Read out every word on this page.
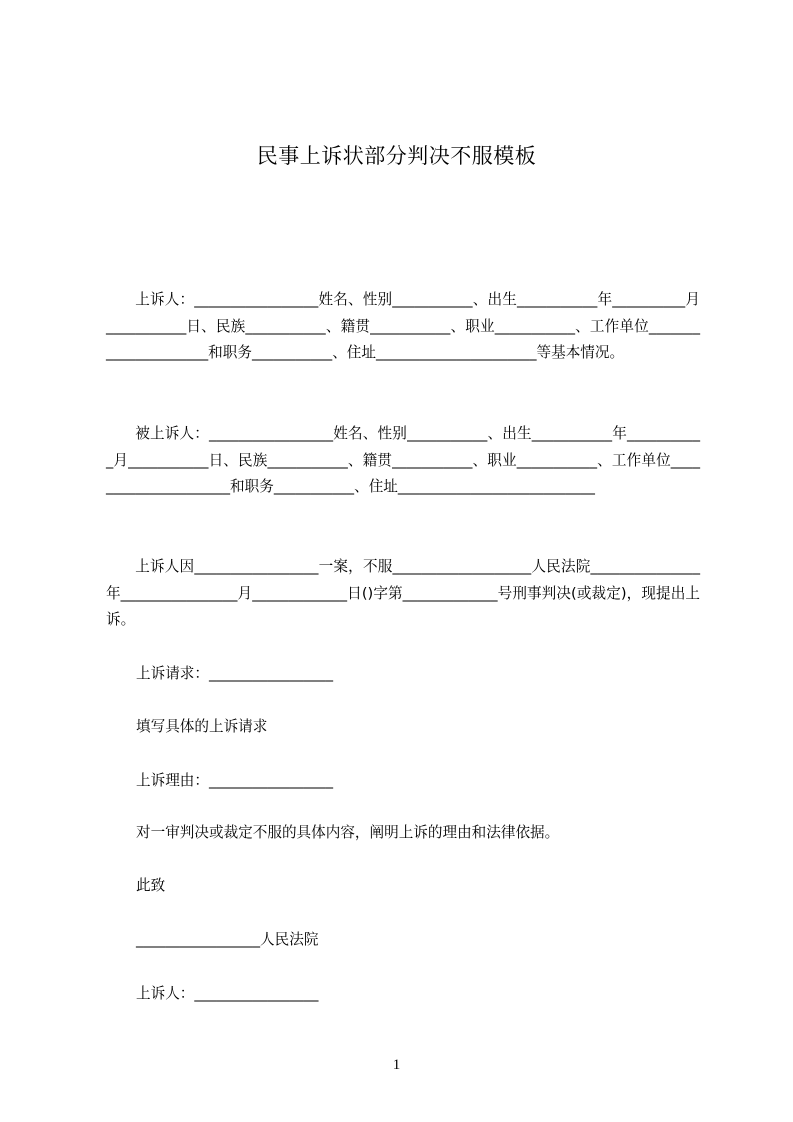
民事上诉状部分判决不服模板
上诉人：_________________姓名、性别___________、出生___________年__________月___________日、民族___________、籍贯___________、职业___________、工作单位_____________________和职务___________、住址______________________等基本情况。
被上诉人：_________________姓名、性别___________、出生___________年___________月___________日、民族___________、籍贯___________、职业___________、工作单位_____________________和职务___________、住址___________________________
上诉人因_________________一案，不服___________________人民法院_______________年________________月_____________日()字第_____________号刑事判决(或裁定)，现提出上诉。
上诉请求：_________________
填写具体的上诉请求
上诉理由：_________________
对一审判决或裁定不服的具体内容，阐明上诉的理由和法律依据。
此致
_________________人民法院
上诉人：_________________
1
